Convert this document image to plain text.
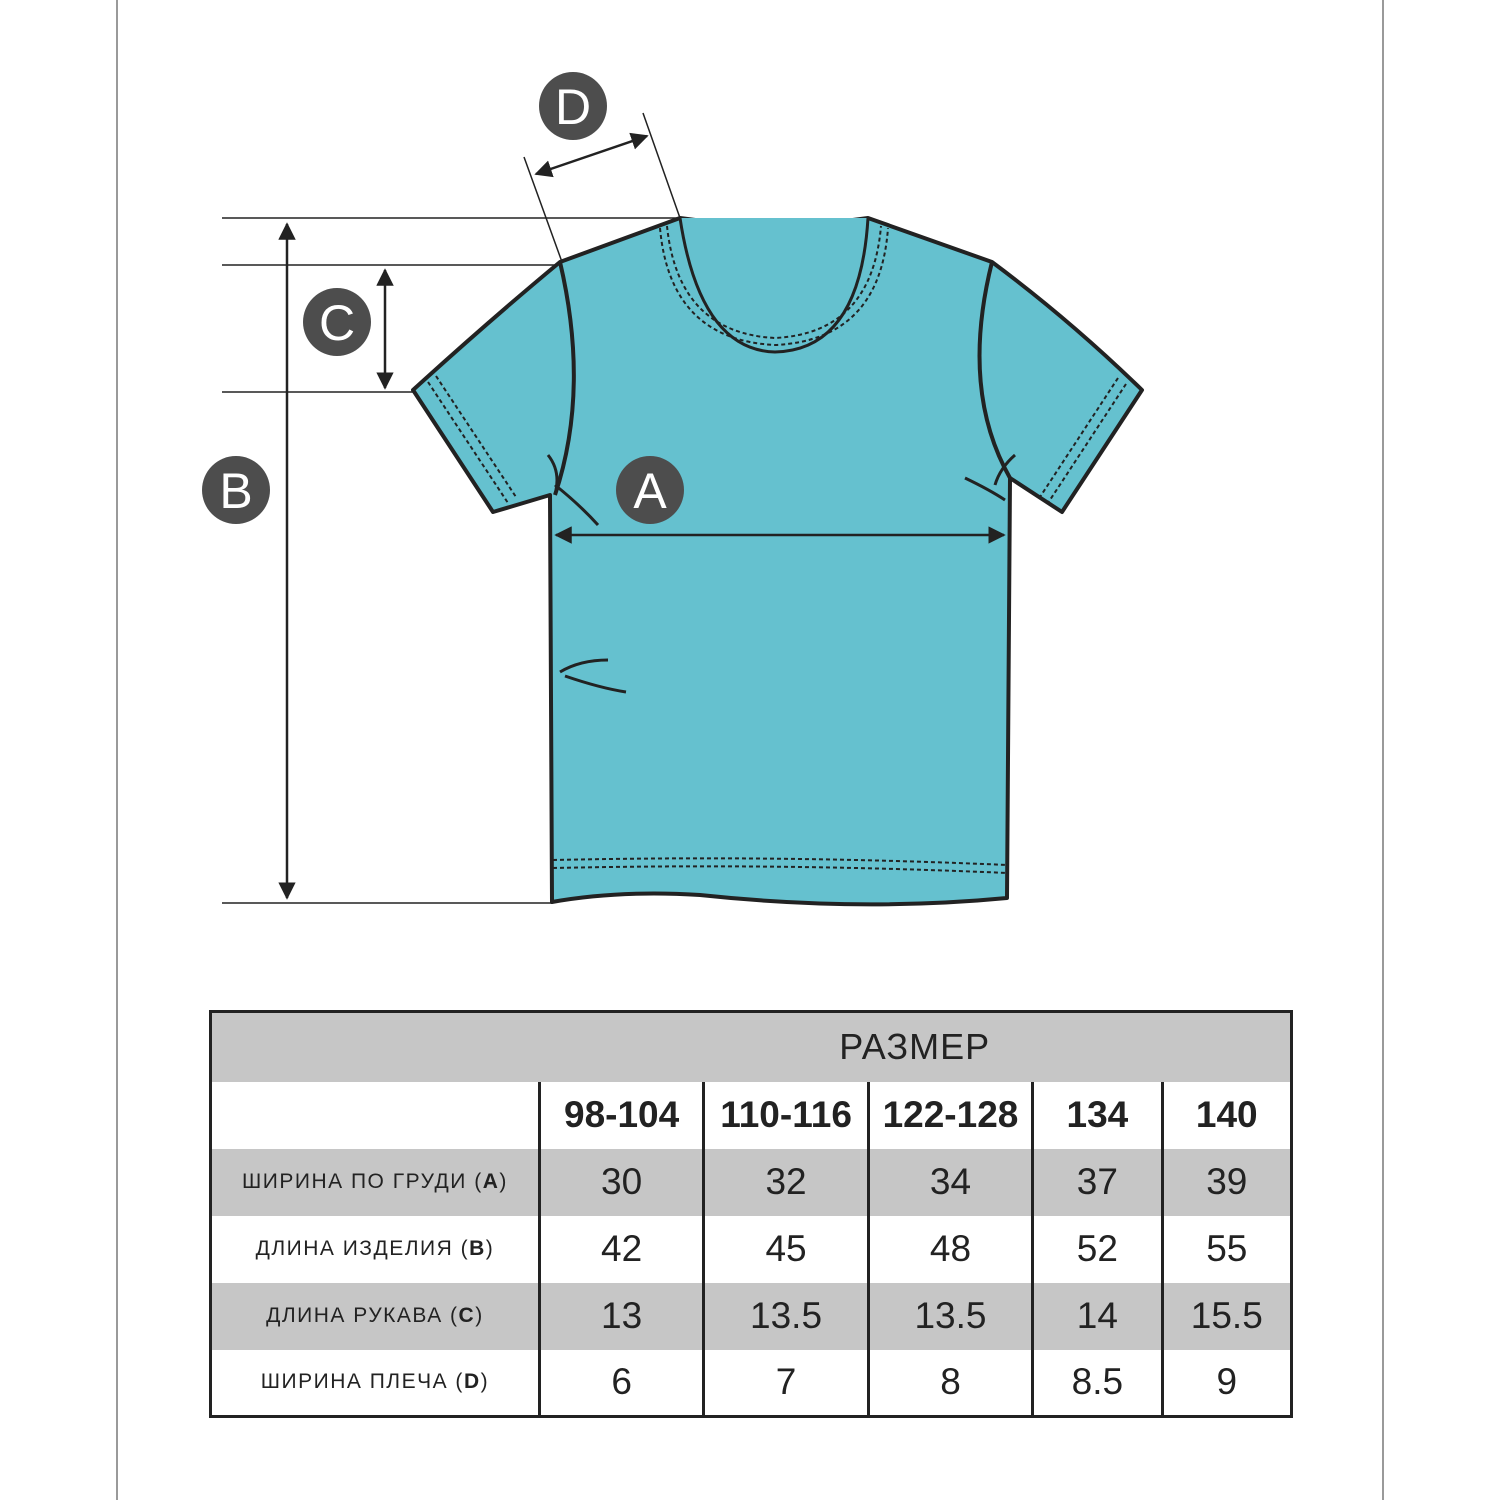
D
C
B	A
	РАЗМЕР				
	98-104	110-116	122-128	134	140
ШИРИНА ПО ГРУДИ (A)	30	32	34	37	39
ДЛИНА ИЗДЕЛИЯ (B)	42	45	48	52	55
ДЛИНА РУКАВА (C)	13	13.5	13.5	14	15.5
ШИРИНА ПЛЕЧА (D)	6	7	8	8.5	9
